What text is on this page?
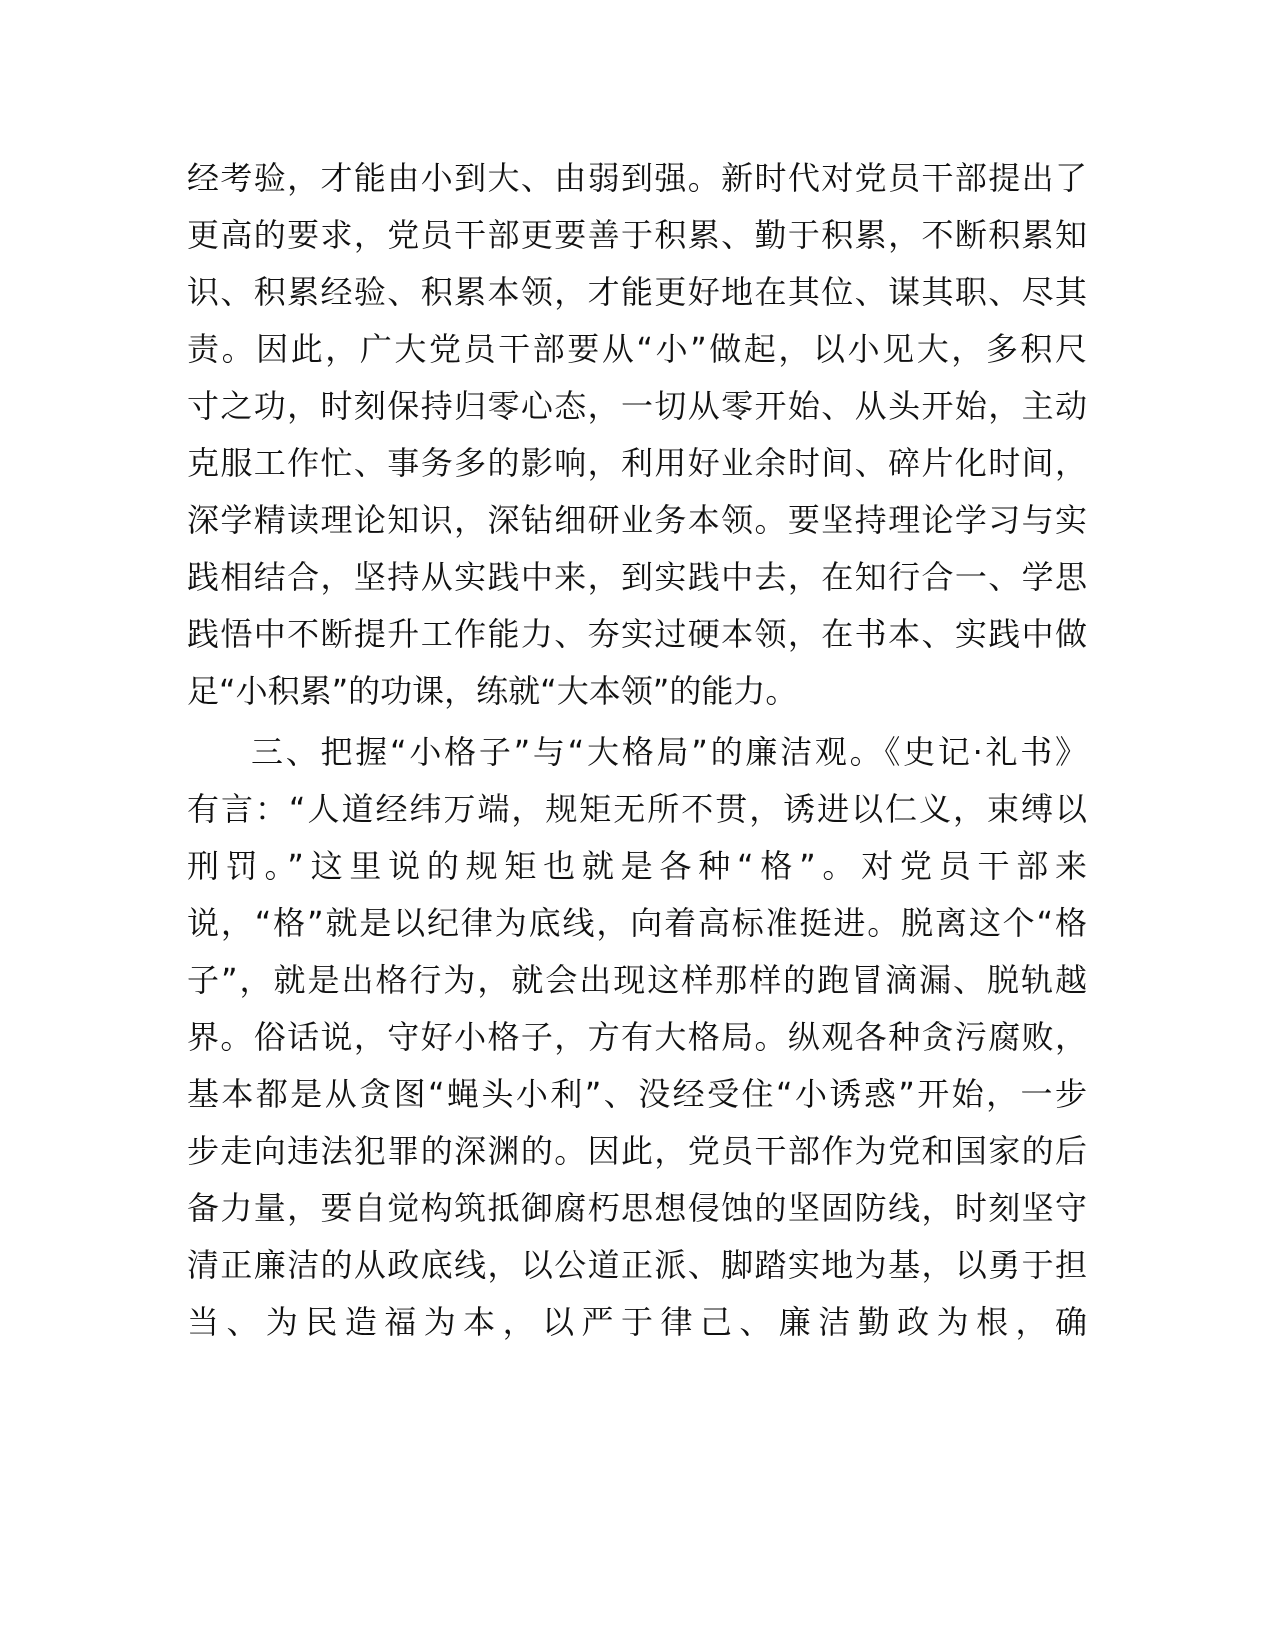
经考验，才能由小到大、由弱到强。新时代对党员干部提出了
更高的要求，党员干部更要善于积累、勤于积累，不断积累知
识、积累经验、积累本领，才能更好地在其位、谋其职、尽其
责。因此，广大党员干部要从“小”做起，以小见大，多积尺
寸之功，时刻保持归零心态，一切从零开始、从头开始，主动
克服工作忙、事务多的影响，利用好业余时间、碎片化时间，
深学精读理论知识，深钻细研业务本领。要坚持理论学习与实
践相结合，坚持从实践中来，到实践中去，在知行合一、学思
践悟中不断提升工作能力、夯实过硬本领，在书本、实践中做
足“小积累”的功课，练就“大本领”的能力。
三、把握“小格子”与“大格局”的廉洁观。《史记·礼书》
有言：“人道经纬万端，规矩无所不贯，诱进以仁义，束缚以
刑罚。”这里说的规矩也就是各种“格”。对党员干部来
说，“格”就是以纪律为底线，向着高标准挺进。脱离这个“格
子”，就是出格行为，就会出现这样那样的跑冒滴漏、脱轨越
界。俗话说，守好小格子，方有大格局。纵观各种贪污腐败，
基本都是从贪图“蝇头小利”、没经受住“小诱惑”开始，一步
步走向违法犯罪的深渊的。因此，党员干部作为党和国家的后
备力量，要自觉构筑抵御腐朽思想侵蚀的坚固防线，时刻坚守
清正廉洁的从政底线，以公道正派、脚踏实地为基，以勇于担
当、为民造福为本，以严于律己、廉洁勤政为根，确
